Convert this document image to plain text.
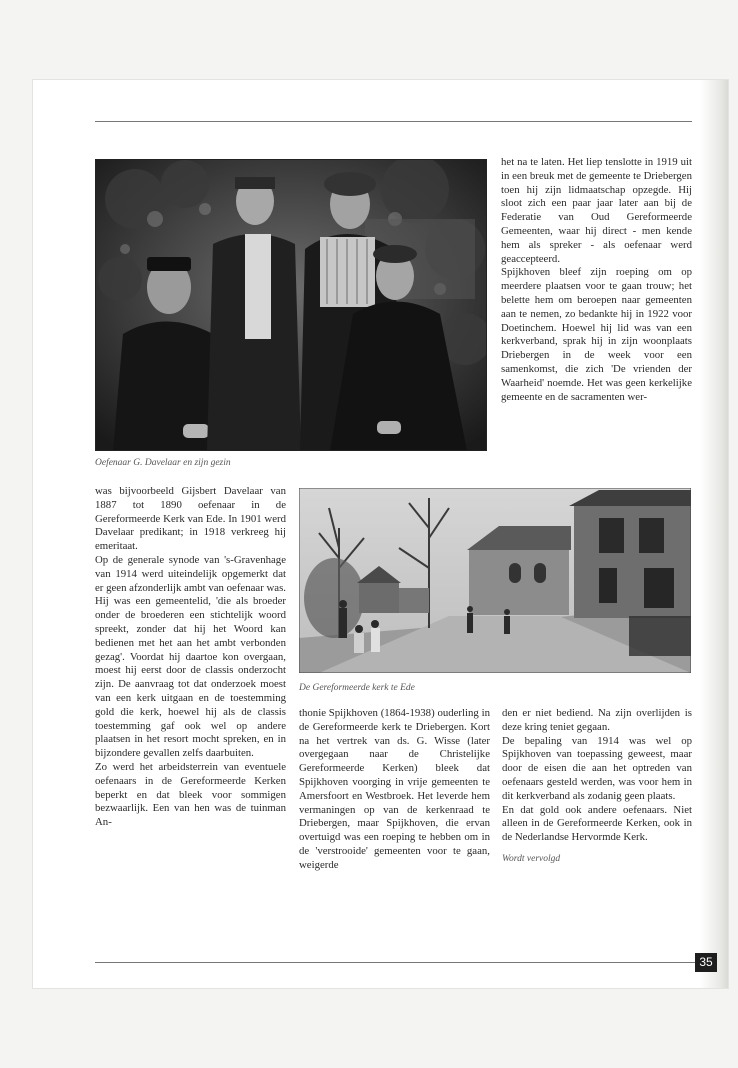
Oefenaar G. Davelaar en zijn gezin

het na te laten. Het liep tenslotte in 1919 uit in een breuk met de gemeente te Driebergen toen hij zijn lidmaatschap opzegde. Hij sloot zich een paar jaar later aan bij de Federatie van Oud Gereformeerde Gemeenten, waar hij direct - men kende hem als spreker - als oefenaar werd geaccepteerd.

Spijkhoven bleef zijn roeping om op meerdere plaatsen voor te gaan trouw; het belette hem om beroepen naar gemeenten aan te nemen, zo bedankte hij in 1922 voor Doetinchem. Hoewel hij lid was van een kerkverband, sprak hij in zijn woonplaats Driebergen in de week voor een samenkomst, die zich 'De vrienden der Waarheid' noemde. Het was geen kerkelijke gemeente en de sacramenten wer-

De Gereformeerde kerk te Ede

was bijvoorbeeld Gijsbert Davelaar van 1887 tot 1890 oefenaar in de Gereformeerde Kerk van Ede. In 1901 werd Davelaar predikant; in 1918 verkreeg hij emeritaat.

Op de generale synode van 's-Gravenhage van 1914 werd uiteindelijk opgemerkt dat er geen afzonderlijk ambt van oefenaar was. Hij was een gemeentelid, 'die als broeder onder de broederen een stichtelijk woord spreekt, zonder dat hij het Woord kan bedienen met het aan het ambt verbonden gezag'. Voordat hij daartoe kon overgaan, moest hij eerst door de classis onderzocht zijn. De aanvraag tot dat onderzoek moest van een kerk uitgaan en de toestemming gold die kerk, hoewel hij als de classis toestemming gaf ook wel op andere plaatsen in het resort mocht spreken, en in bijzondere gevallen zelfs daarbuiten.

Zo werd het arbeidsterrein van eventuele oefenaars in de Gereformeerde Kerken beperkt en dat bleek voor sommigen bezwaarlijk. Een van hen was de tuinman An-

thonie Spijkhoven (1864-1938) ouderling in de Gereformeerde kerk te Driebergen. Kort na het vertrek van ds. G. Wisse (later overgegaan naar de Christelijke Gereformeerde Kerken) bleek dat Spijkhoven voorging in vrije gemeenten te Amersfoort en Westbroek. Het leverde hem vermaningen op van de kerkenraad te Driebergen, maar Spijkhoven, die ervan overtuigd was een roeping te hebben om in de 'verstrooide' gemeenten voor te gaan, weigerde

den er niet bediend. Na zijn overlijden is deze kring teniet gegaan.

De bepaling van 1914 was wel op Spijkhoven van toepassing geweest, maar door de eisen die aan het optreden van oefenaars gesteld werden, was voor hem in dit kerkverband als zodanig geen plaats.

En dat gold ook andere oefenaars. Niet alleen in de Gereformeerde Kerken, ook in de Nederlandse Hervormde Kerk.

Wordt vervolgd

35
